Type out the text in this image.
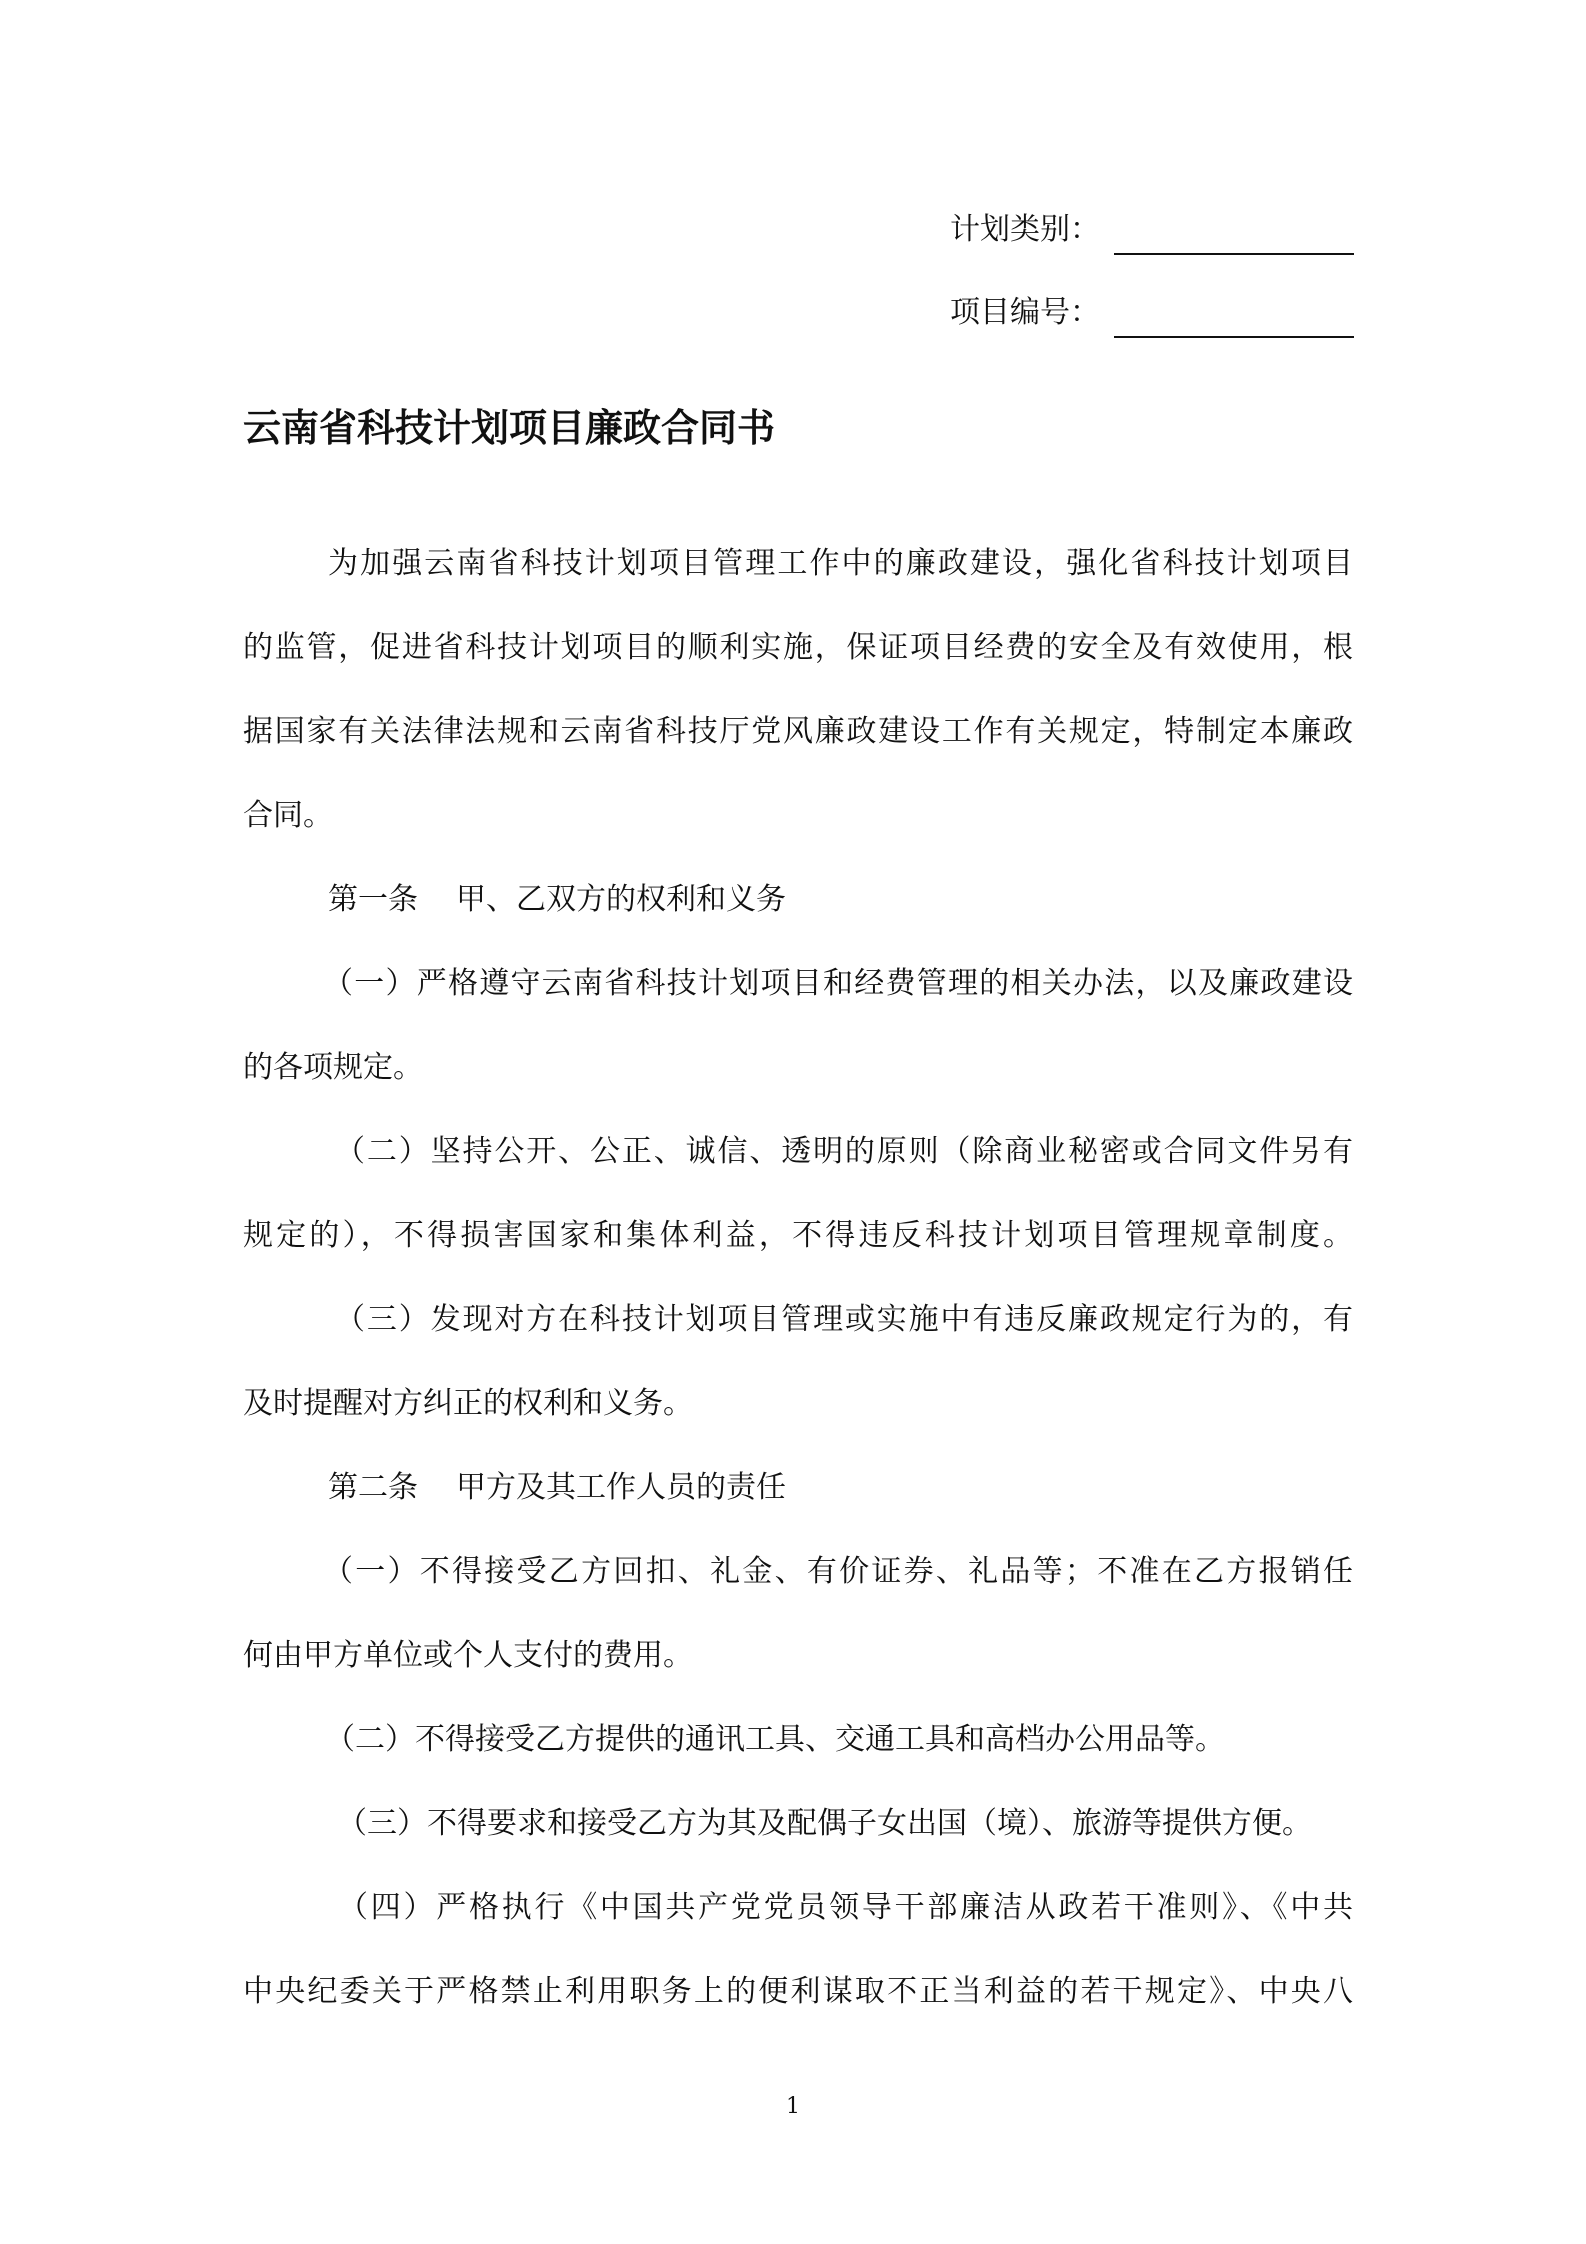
计划类别：
项目编号：
云南省科技计划项目廉政合同书
为加强云南省科技计划项目管理工作中的廉政建设，强化省科技计划项目
的监管，促进省科技计划项目的顺利实施，保证项目经费的安全及有效使用，根
据国家有关法律法规和云南省科技厅党风廉政建设工作有关规定，特制定本廉政
合同。
第一条 甲、乙双方的权利和义务
（一）严格遵守云南省科技计划项目和经费管理的相关办法，以及廉政建设
的各项规定。
（二）坚持公开、公正、诚信、透明的原则（除商业秘密或合同文件另有
规定的），不得损害国家和集体利益，不得违反科技计划项目管理规章制度。
（三）发现对方在科技计划项目管理或实施中有违反廉政规定行为的，有
及时提醒对方纠正的权利和义务。
第二条 甲方及其工作人员的责任
（一）不得接受乙方回扣、礼金、有价证券、礼品等；不准在乙方报销任
何由甲方单位或个人支付的费用。
（二）不得接受乙方提供的通讯工具、交通工具和高档办公用品等。
（三）不得要求和接受乙方为其及配偶子女出国（境）、旅游等提供方便。
（四）严格执行《中国共产党党员领导干部廉洁从政若干准则》、《中共
中央纪委关于严格禁止利用职务上的便利谋取不正当利益的若干规定》、中央八
1
